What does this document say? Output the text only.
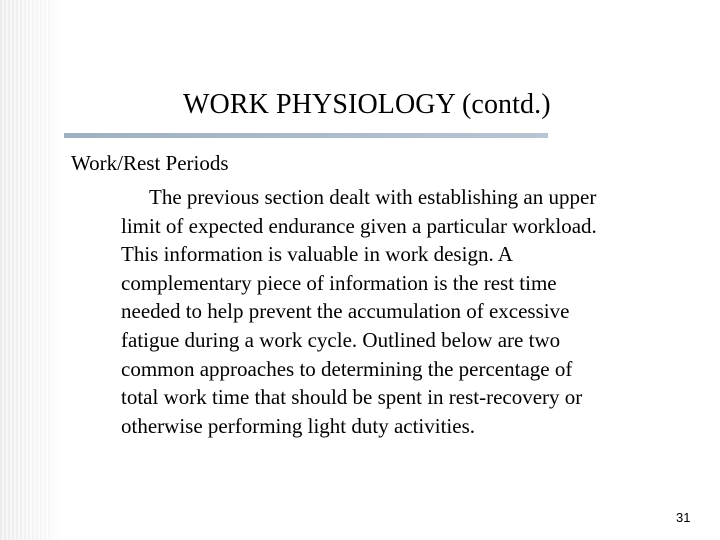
WORK PHYSIOLOGY (contd.)
Work/Rest Periods
The previous section dealt with establishing an upper
limit of expected endurance given a particular workload.
This information is valuable in work design. A
complementary piece of information is the rest time
needed to help prevent the accumulation of excessive
fatigue during a work cycle. Outlined below are two
common approaches to determining the percentage of
total work time that should be spent in rest-recovery or
otherwise performing light duty activities.
31
